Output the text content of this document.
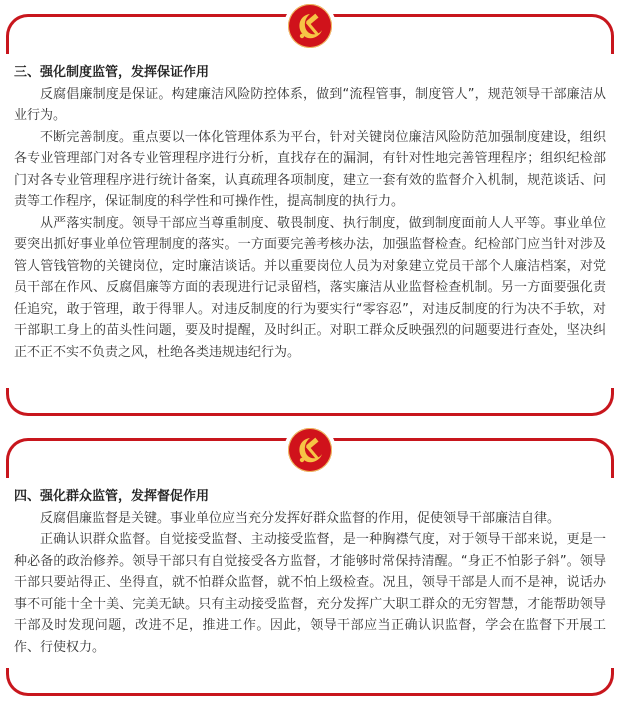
三、强化制度监管，发挥保证作用

反腐倡廉制度是保证。构建廉洁风险防控体系，做到“流程管事，制度管人”，规范领导干部廉洁从业行为。

不断完善制度。重点要以一体化管理体系为平台，针对关键岗位廉洁风险防范加强制度建设，组织各专业管理部门对各专业管理程序进行分析，直找存在的漏洞，有针对性地完善管理程序；组织纪检部门对各专业管理程序进行统计备案，认真疏理各项制度，建立一套有效的监督介入机制，规范谈话、问责等工作程序，保证制度的科学性和可操作性，提高制度的执行力。

从严落实制度。领导干部应当尊重制度、敬畏制度、执行制度，做到制度面前人人平等。事业单位要突出抓好事业单位管理制度的落实。一方面要完善考核办法，加强监督检查。纪检部门应当针对涉及管人管钱管物的关键岗位，定时廉洁谈话。并以重要岗位人员为对象建立党员干部个人廉洁档案，对党员干部在作风、反腐倡廉等方面的表现进行记录留档，落实廉洁从业监督检查机制。另一方面要强化责任追究，敢于管理，敢于得罪人。对违反制度的行为要实行“零容忍”，对违反制度的行为决不手软，对干部职工身上的苗头性问题，要及时提醒，及时纠正。对职工群众反映强烈的问题要进行查处，坚决纠正不正不实不负责之风，杜绝各类违规违纪行为。

四、强化群众监管，发挥督促作用

反腐倡廉监督是关键。事业单位应当充分发挥好群众监督的作用，促使领导干部廉洁自律。

正确认识群众监督。自觉接受监督、主动接受监督，是一种胸襟气度，对于领导干部来说，更是一种必备的政治修养。领导干部只有自觉接受各方监督，才能够时常保持清醒。“身正不怕影子斜”。领导干部只要站得正、坐得直，就不怕群众监督，就不怕上级检查。况且，领导干部是人而不是神，说话办事不可能十全十美、完美无缺。只有主动接受监督，充分发挥广大职工群众的无穷智慧，才能帮助领导干部及时发现问题，改进不足，推进工作。因此，领导干部应当正确认识监督，学会在监督下开展工作、行使权力。
